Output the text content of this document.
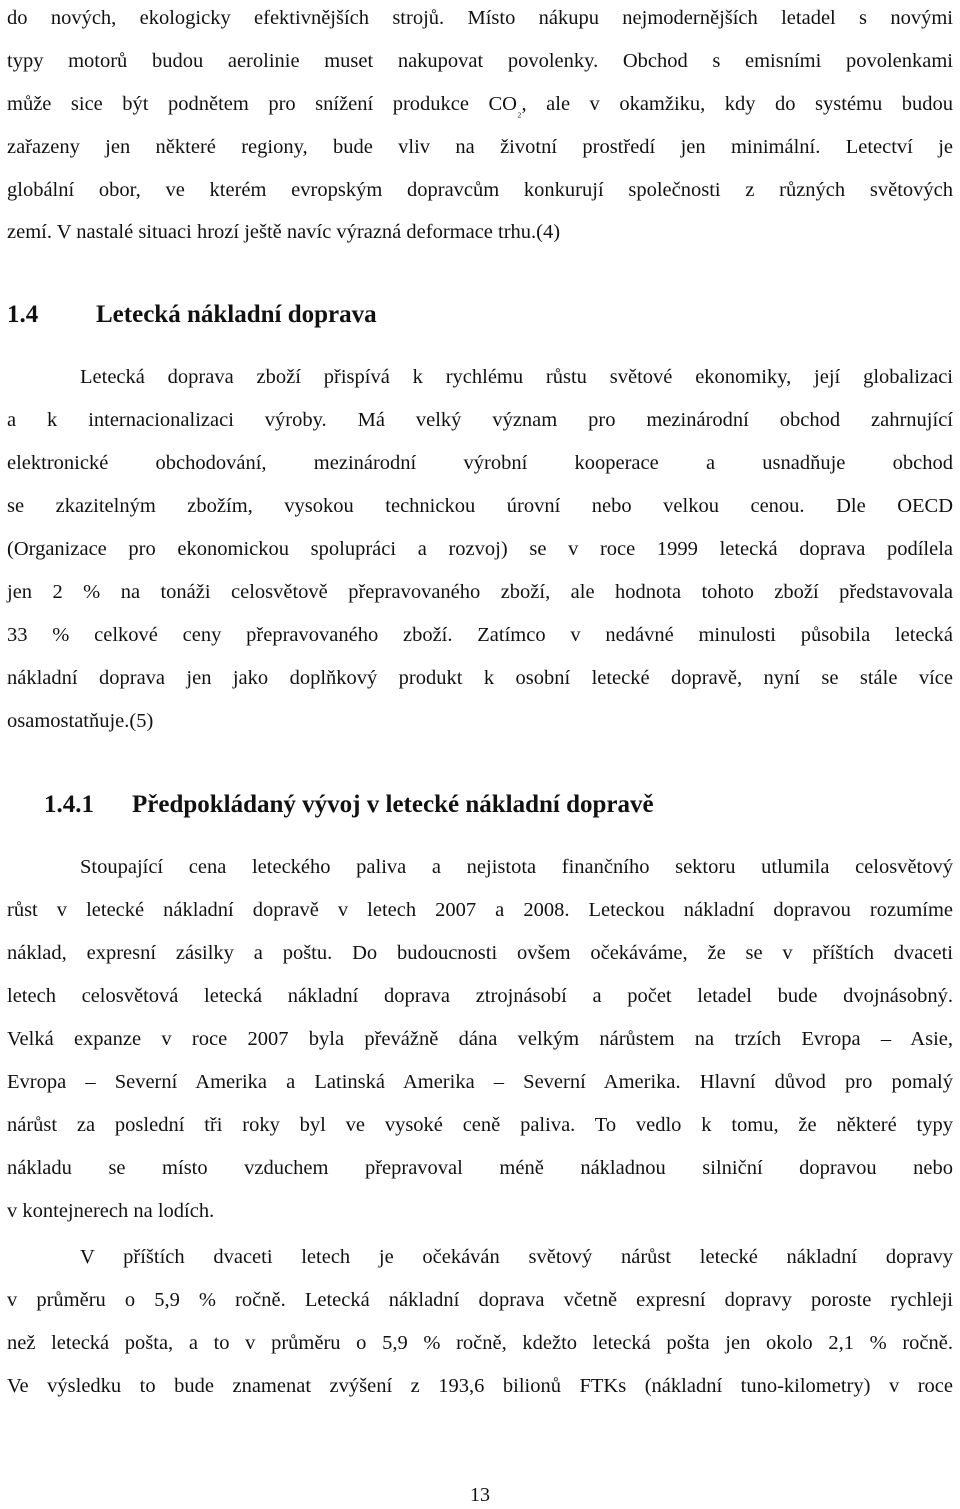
do nových, ekologicky efektivnějších strojů. Místo nákupu nejmodernějších letadel s novými
typy motorů budou aerolinie muset nakupovat povolenky. Obchod s emisními povolenkami
může sice být podnětem pro snížení produkce $CO_{_2}$, ale v okamžiku, kdy do systému budou
zařazeny jen některé regiony, bude vliv na životní prostředí jen minimální. Letectví je
globální obor, ve kterém evropským dopravcům konkurují společnosti z různých světových
zemí. V nastalé situaci hrozí ještě navíc výrazná deformace trhu.(4)
1.4 Letecká nákladní doprava
Letecká doprava zboží přispívá k rychlému růstu světové ekonomiky, její globalizaci
a k internacionalizaci výroby. Má velký význam pro mezinárodní obchod zahrnující
elektronické obchodování, mezinárodní výrobní kooperace a usnadňuje obchod
se zkazitelným zbožím, vysokou technickou úrovní nebo velkou cenou. Dle OECD
(Organizace pro ekonomickou spolupráci a rozvoj) se v roce 1999 letecká doprava podílela
jen 2 % na tonáži celosvětově přepravovaného zboží, ale hodnota tohoto zboží představovala
33 % celkové ceny přepravovaného zboží. Zatímco v nedávné minulosti působila letecká
nákladní doprava jen jako doplňkový produkt k osobní letecké dopravě, nyní se stále více
osamostatňuje.(5)
1.4.1 Předpokládaný vývoj v letecké nákladní dopravě
Stoupající cena leteckého paliva a nejistota finančního sektoru utlumila celosvětový
růst v letecké nákladní dopravě v letech 2007 a 2008. Leteckou nákladní dopravou rozumíme
náklad, expresní zásilky a poštu. Do budoucnosti ovšem očekáváme, že se v příštích dvaceti
letech celosvětová letecká nákladní doprava ztrojnásobí a počet letadel bude dvojnásobný.
Velká expanze v roce 2007 byla převážně dána velkým nárůstem na trzích Evropa – Asie,
Evropa – Severní Amerika a Latinská Amerika – Severní Amerika. Hlavní důvod pro pomalý
nárůst za poslední tři roky byl ve vysoké ceně paliva. To vedlo k tomu, že některé typy
nákladu se místo vzduchem přepravoval méně nákladnou silniční dopravou nebo
v kontejnerech na lodích.
V příštích dvaceti letech je očekáván světový nárůst letecké nákladní dopravy
v průměru o 5,9 % ročně. Letecká nákladní doprava včetně expresní dopravy poroste rychleji
než letecká pošta, a to v průměru o 5,9 % ročně, kdežto letecká pošta jen okolo 2,1 % ročně.
Ve výsledku to bude znamenat zvýšení z 193,6 bilionů FTKs (nákladní tuno-kilometry) v roce
13
